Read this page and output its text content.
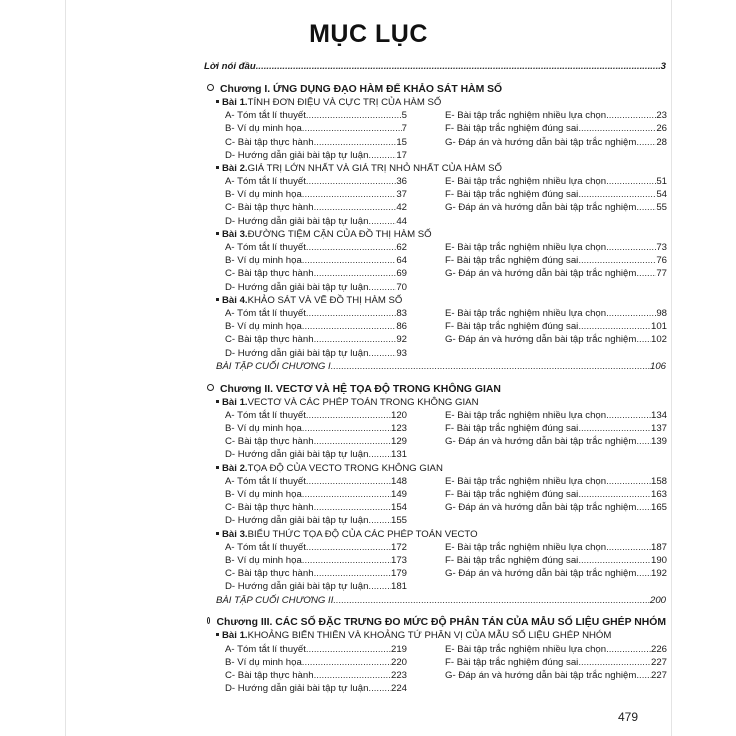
MỤC LỤC
Lời nói đầu .....	3
Chương I. ỨNG DỤNG ĐẠO HÀM ĐỂ KHẢO SÁT HÀM SỐ
Bài 1. TÍNH ĐƠN ĐIỆU VÀ CỰC TRỊ CỦA HÀM SỐ
A- Tóm tắt lí thuyết .....	5
B- Ví dụ minh họa .....	7
C- Bài tập thực hành .....	15
D- Hướng dẫn giải bài tập tự luận .....	17
E- Bài tập trắc nghiệm nhiều lựa chọn .....	23
F- Bài tập trắc nghiệm đúng sai .....	26
G- Đáp án và hướng dẫn bài tập trắc nghiệm ..... 28
Bài 2. GIÁ TRỊ LỚN NHẤT VÀ GIÁ TRỊ NHỎ NHẤT CỦA HÀM SỐ
A- Tóm tắt lí thuyết .....	36
B- Ví dụ minh họa .....	37
C- Bài tập thực hành .....	42
D- Hướng dẫn giải bài tập tự luận .....	44
E- Bài tập trắc nghiệm nhiều lựa chọn .....	51
F- Bài tập trắc nghiệm đúng sai .....	54
G- Đáp án và hướng dẫn bài tập trắc nghiệm ..... 55
Bài 3. ĐƯỜNG TIỆM CẬN CỦA ĐỒ THỊ HÀM SỐ
A- Tóm tắt lí thuyết .....	62
B- Ví dụ minh họa .....	64
C- Bài tập thực hành .....	69
D- Hướng dẫn giải bài tập tự luận .....	70
E- Bài tập trắc nghiệm nhiều lựa chọn .....	73
F- Bài tập trắc nghiệm đúng sai .....	76
G- Đáp án và hướng dẫn bài tập trắc nghiệm ..... 77
Bài 4. KHẢO SÁT VÀ VẼ ĐỒ THỊ HÀM SỐ
A- Tóm tắt lí thuyết .....	83
B- Ví dụ minh họa .....	86
C- Bài tập thực hành .....	92
D- Hướng dẫn giải bài tập tự luận .....	93
E- Bài tập trắc nghiệm nhiều lựa chọn .....	98
F- Bài tập trắc nghiệm đúng sai .....	101
G- Đáp án và hướng dẫn bài tập trắc nghiệm ..... 102
BÀI TẬP CUỐI CHƯƠNG I .....	106
Chương II. VECTƠ VÀ HỆ TỌA ĐỘ TRONG KHÔNG GIAN
Bài 1. VECTƠ VÀ CÁC PHÉP TOÁN TRONG KHÔNG GIAN
A- Tóm tắt lí thuyết .....	120
B- Ví dụ minh họa .....	123
C- Bài tập thực hành .....	129
D- Hướng dẫn giải bài tập tự luận ..... 131
E- Bài tập trắc nghiệm nhiều lựa chọn .....	134
F- Bài tập trắc nghiệm đúng sai .....	137
G- Đáp án và hướng dẫn bài tập trắc nghiệm ..... 139
Bài 2. TỌA ĐỘ CỦA VECTO TRONG KHÔNG GIAN
A- Tóm tắt lí thuyết .....	148
B- Ví dụ minh họa .....	149
C- Bài tập thực hành .....	154
D- Hướng dẫn giải bài tập tự luận ..... 155
E- Bài tập trắc nghiệm nhiều lựa chọn .....	158
F- Bài tập trắc nghiệm đúng sai .....	163
G- Đáp án và hướng dẫn bài tập trắc nghiệm ..... 165
Bài 3. BIỂU THỨC TỌA ĐỘ CỦA CÁC PHÉP TOÁN VECTO
A- Tóm tắt lí thuyết .....	172
B- Ví dụ minh họa .....	173
C- Bài tập thực hành .....	179
D- Hướng dẫn giải bài tập tự luận ..... 181
E- Bài tập trắc nghiệm nhiều lựa chọn .....	187
F- Bài tập trắc nghiệm đúng sai .....	190
G- Đáp án và hướng dẫn bài tập trắc nghiệm ..... 192
BÀI TẬP CUỐI CHƯƠNG II .....	200
Chương III. CÁC SỐ ĐẶC TRƯNG ĐO MỨC ĐỘ PHÂN TÁN CỦA MẪU SỐ LIỆU GHÉP NHÓM
Bài 1. KHOẢNG BIẾN THIÊN VÀ KHOẢNG TỨ PHÂN VỊ CỦA MẪU SỐ LIỆU GHÉP NHÓM
A- Tóm tắt lí thuyết .....	219
B- Ví dụ minh họa .....	220
C- Bài tập thực hành .....	223
D- Hướng dẫn giải bài tập tự luận ..... 224
E- Bài tập trắc nghiệm nhiều lựa chọn .....	226
F- Bài tập trắc nghiệm đúng sai .....	227
G- Đáp án và hướng dẫn bài tập trắc nghiệm ..... 227
479
